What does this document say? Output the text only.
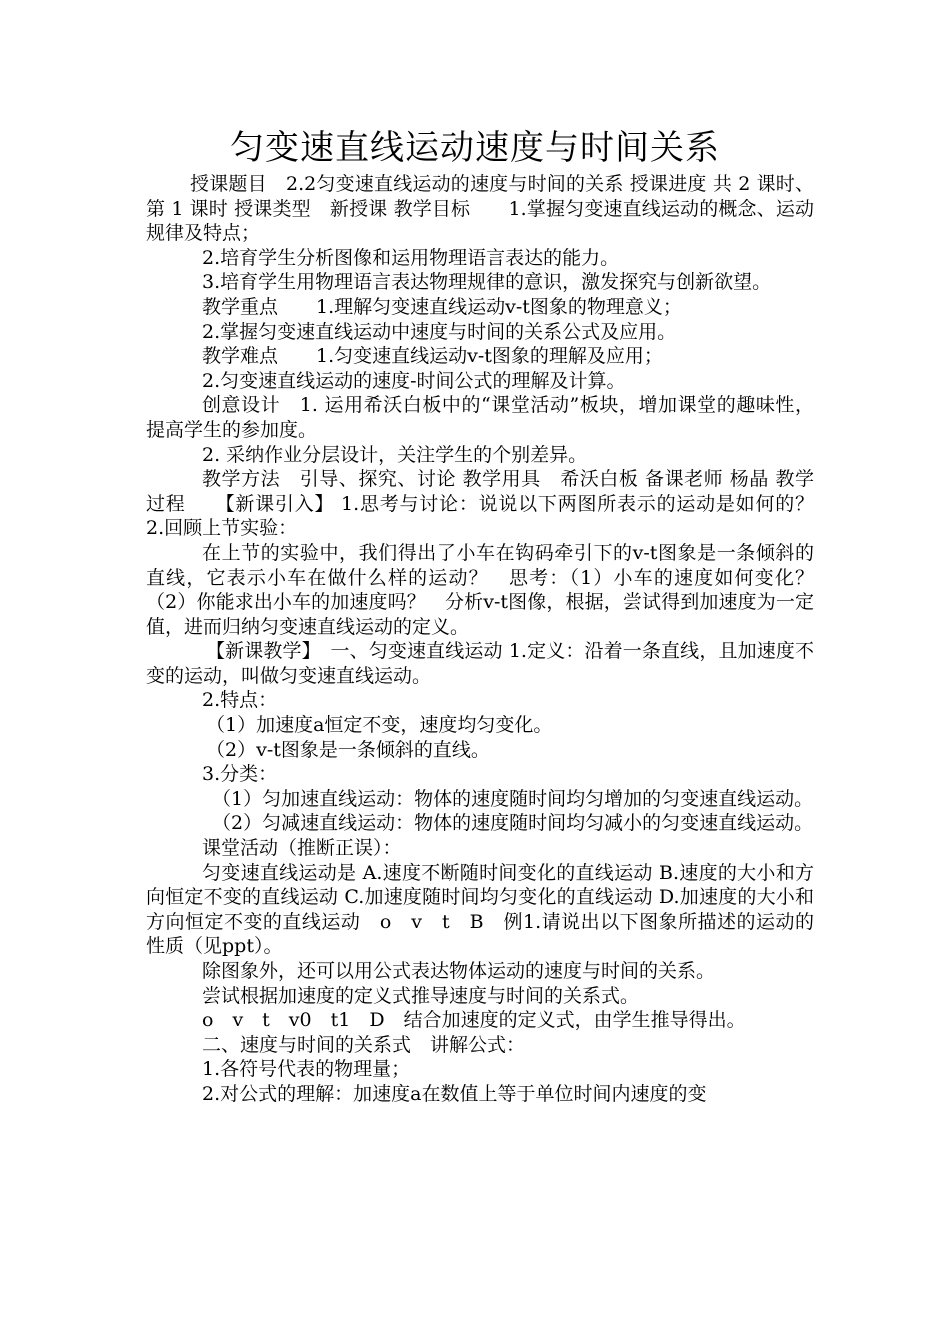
匀变速直线运动速度与时间关系

授课题目　2.2匀变速直线运动的速度与时间的关系 授课进度 共 2 课时、第 1 课时 授课类型　新授课 教学目标　　1.掌握匀变速直线运动的概念、运动规律及特点；

2.培育学生分析图像和运用物理语言表达的能力。

3.培育学生用物理语言表达物理规律的意识，激发探究与创新欲望。

教学重点　　1.理解匀变速直线运动v-t图象的物理意义；

2.掌握匀变速直线运动中速度与时间的关系公式及应用。

教学难点　　1.匀变速直线运动v-t图象的理解及应用；

2.匀变速直线运动的速度-时间公式的理解及计算。

创意设计　1. 运用希沃白板中的“课堂活动”板块，增加课堂的趣味性，提高学生的参加度。

2. 采纳作业分层设计，关注学生的个别差异。

教学方法　引导、探究、讨论 教学用具　希沃白板 备课老师 杨晶 教学过程　　【新课引入】 1.思考与讨论：说说以下两图所表示的运动是如何的？　2.回顾上节实验：

在上节的实验中，我们得出了小车在钩码牵引下的v-t图象是一条倾斜的直线，它表示小车在做什么样的运动？　思考：（1）小车的速度如何变化？　　（2）你能求出小车的加速度吗？　分析v-t图像，根据，尝试得到加速度为一定值，进而归纳匀变速直线运动的定义。

【新课教学】　一、匀变速直线运动 1.定义：沿着一条直线，且加速度不变的运动，叫做匀变速直线运动。

2.特点：

（1）加速度a恒定不变，速度均匀变化。

（2）v-t图象是一条倾斜的直线。

3.分类：

（1）匀加速直线运动：物体的速度随时间均匀增加的匀变速直线运动。

（2）匀减速直线运动：物体的速度随时间均匀减小的匀变速直线运动。

课堂活动（推断正误）：

匀变速直线运动是 A.速度不断随时间变化的直线运动 B.速度的大小和方向恒定不变的直线运动 C.加速度随时间均匀变化的直线运动 D.加速度的大小和方向恒定不变的直线运动　o　v　t　B　例1.请说出以下图象所描述的运动的性质（见ppt）。

除图象外，还可以用公式表达物体运动的速度与时间的关系。

尝试根据加速度的定义式推导速度与时间的关系式。

o　v　t　v0　t1　D　结合加速度的定义式，由学生推导得出。

二、速度与时间的关系式　讲解公式：

1.各符号代表的物理量；

2.对公式的理解：加速度a在数值上等于单位时间内速度的变
